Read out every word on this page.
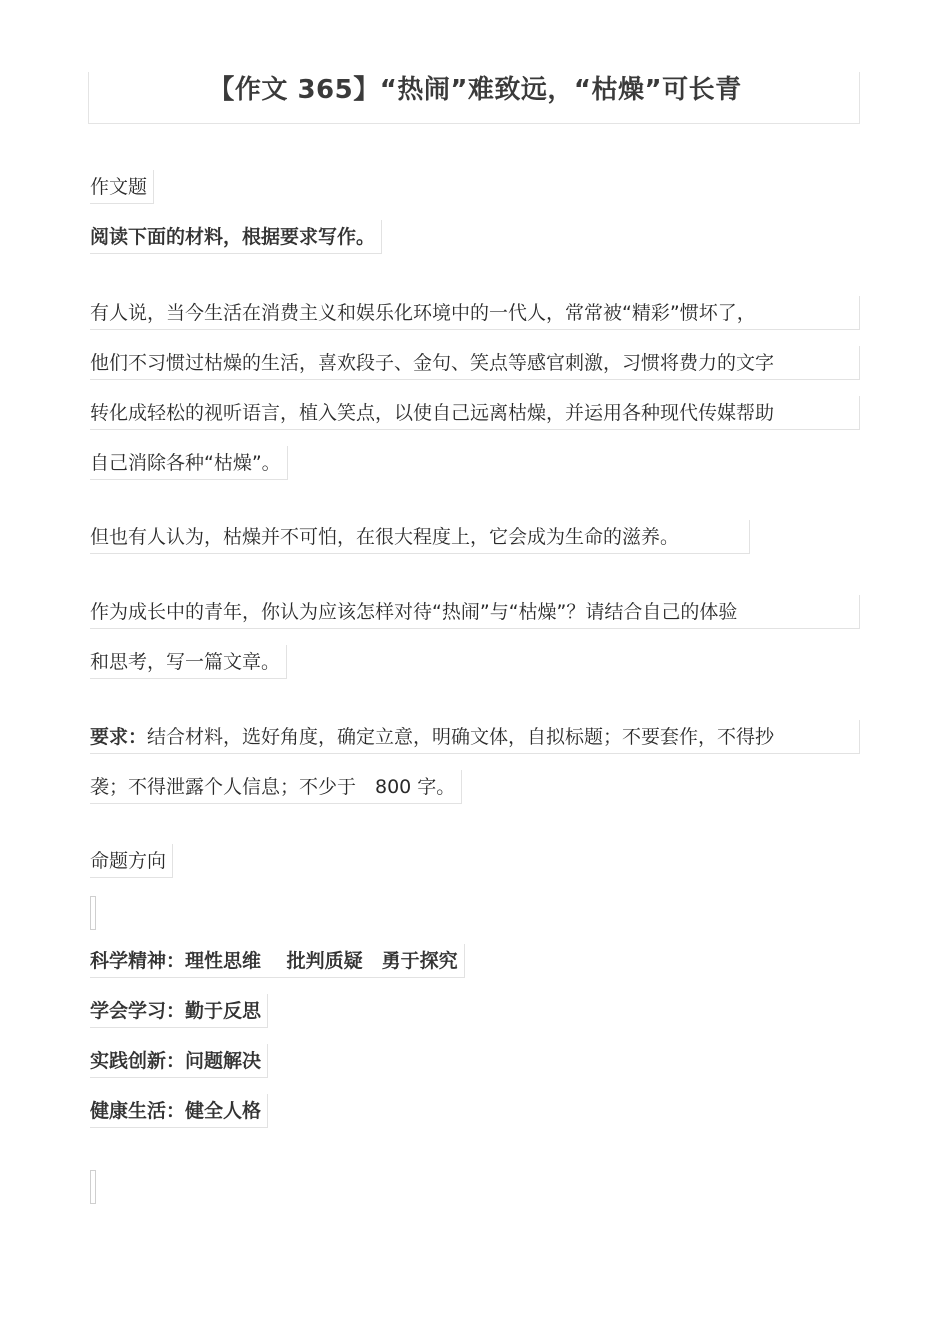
【作文 365】“热闹”难致远，“枯燥”可长青
作文题
阅读下面的材料，根据要求写作。
有人说，当今生活在消费主义和娱乐化环境中的一代人，常常被“精彩”惯坏了，
他们不习惯过枯燥的生活，喜欢段子、金句、笑点等感官刺激，习惯将费力的文字
转化成轻松的视听语言，植入笑点，以使自己远离枯燥，并运用各种现代传媒帮助
自己消除各种“枯燥”。
但也有人认为，枯燥并不可怕，在很大程度上，它会成为生命的滋养。
作为成长中的青年，你认为应该怎样对待“热闹”与“枯燥”？请结合自己的体验
和思考，写一篇文章。
要求：结合材料，选好角度，确定立意，明确文体，自拟标题；不要套作，不得抄
袭；不得泄露个人信息；不少于　800 字。
命题方向
科学精神：理性思维　 批判质疑　勇于探究
学会学习：勤于反思
实践创新：问题解决
健康生活：健全人格
